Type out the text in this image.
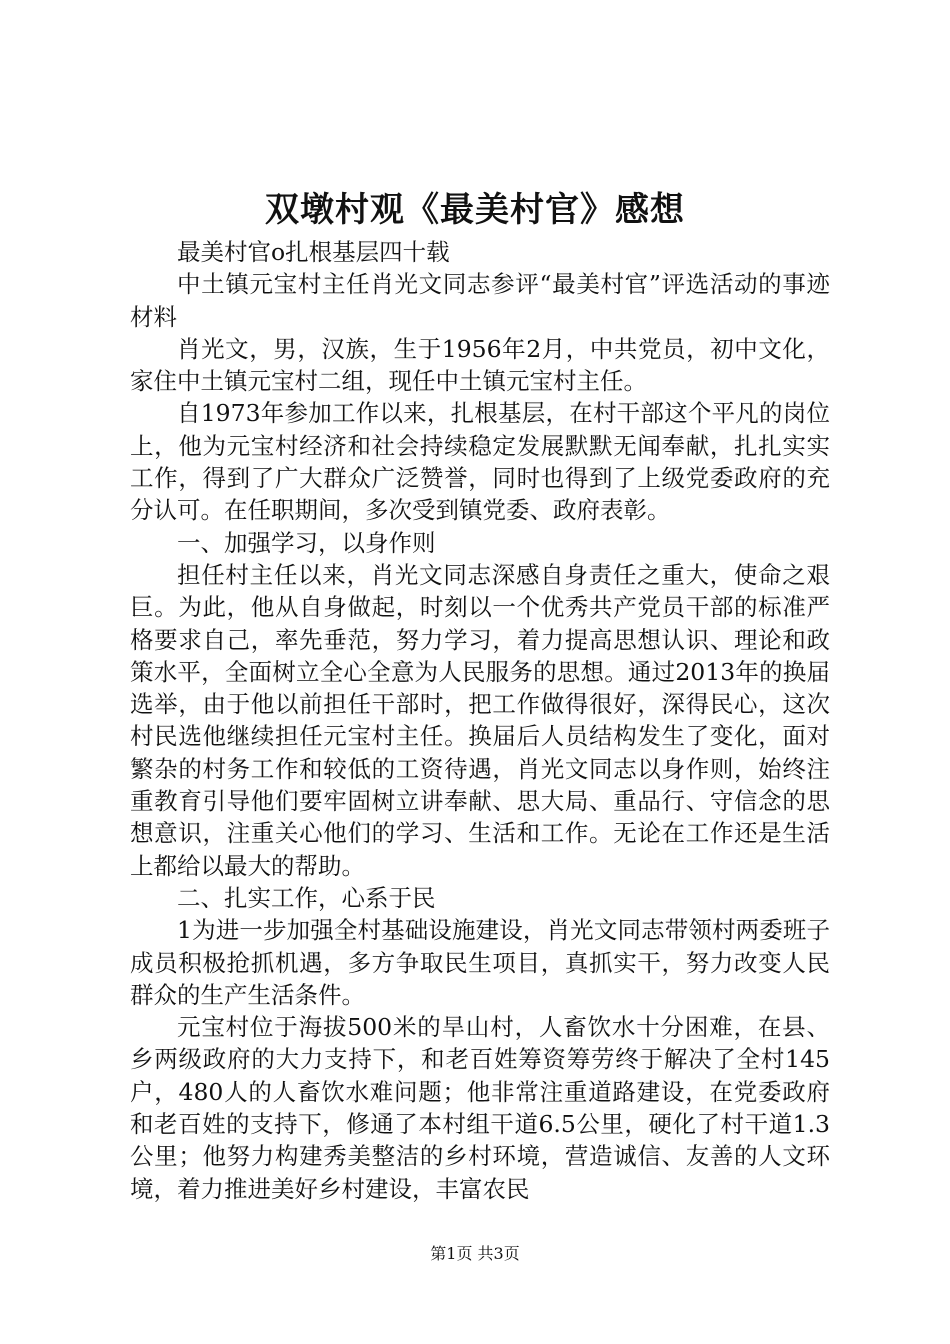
双墩村观《最美村官》感想

最美村官o扎根基层四十载

中土镇元宝村主任肖光文同志参评“最美村官”评选活动的事迹材料

肖光文，男，汉族，生于1956年2月，中共党员，初中文化，家住中土镇元宝村二组，现任中土镇元宝村主任。

自1973年参加工作以来，扎根基层，在村干部这个平凡的岗位上，他为元宝村经济和社会持续稳定发展默默无闻奉献，扎扎实实工作，得到了广大群众广泛赞誉，同时也得到了上级党委政府的充分认可。在任职期间，多次受到镇党委、政府表彰。

一、加强学习，以身作则

担任村主任以来，肖光文同志深感自身责任之重大，使命之艰巨。为此，他从自身做起，时刻以一个优秀共产党员干部的标准严格要求自己，率先垂范，努力学习，着力提高思想认识、理论和政策水平，全面树立全心全意为人民服务的思想。通过2013年的换届选举，由于他以前担任干部时，把工作做得很好，深得民心，这次村民选他继续担任元宝村主任。换届后人员结构发生了变化，面对繁杂的村务工作和较低的工资待遇，肖光文同志以身作则，始终注重教育引导他们要牢固树立讲奉献、思大局、重品行、守信念的思想意识，注重关心他们的学习、生活和工作。无论在工作还是生活上都给以最大的帮助。

二、扎实工作，心系于民

1为进一步加强全村基础设施建设，肖光文同志带领村两委班子成员积极抢抓机遇，多方争取民生项目，真抓实干，努力改变人民群众的生产生活条件。

元宝村位于海拔500米的旱山村，人畜饮水十分困难，在县、乡两级政府的大力支持下，和老百姓筹资筹劳终于解决了全村145户，480人的人畜饮水难问题；他非常注重道路建设，在党委政府和老百姓的支持下，修通了本村组干道6.5公里，硬化了村干道1.3公里；他努力构建秀美整洁的乡村环境，营造诚信、友善的人文环境，着力推进美好乡村建设，丰富农民

第1页 共3页
